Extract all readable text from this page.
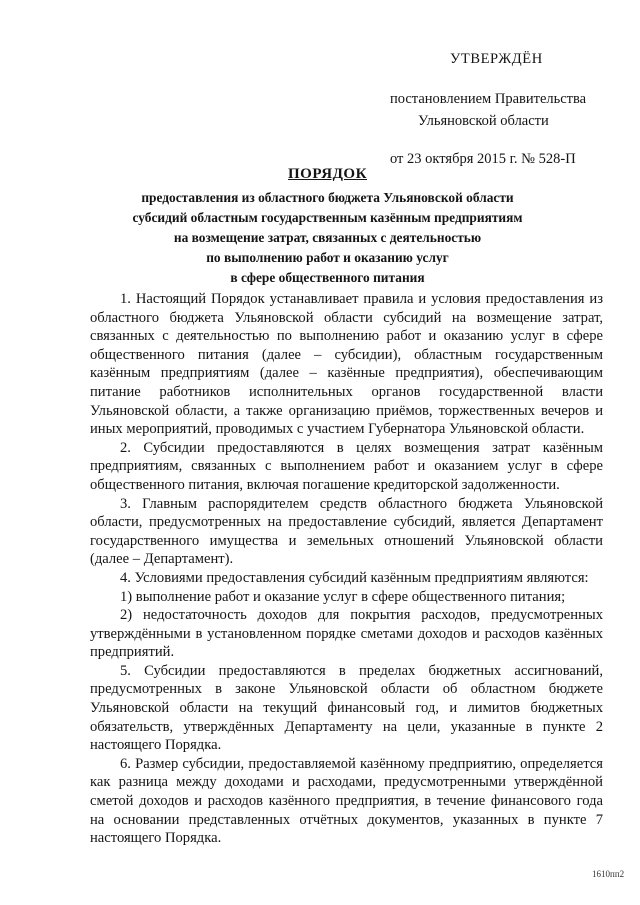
УТВЕРЖДЁН
постановлением Правительства
Ульяновской области
от 23 октября 2015 г. № 528-П
ПОРЯДОК
предоставления из областного бюджета Ульяновской области
субсидий областным государственным казённым предприятиям
на возмещение затрат, связанных с деятельностью
по выполнению работ и оказанию услуг
в сфере общественного питания

1. Настоящий Порядок устанавливает правила и условия предоставления из областного бюджета Ульяновской области субсидий на возмещение затрат, связанных с деятельностью по выполнению работ и оказанию услуг в сфере общественного питания (далее – субсидии), областным государственным казённым предприятиям (далее – казённые предприятия), обеспечивающим питание работников исполнительных органов государственной власти Ульяновской области, а также организацию приёмов, торжественных вечеров и иных мероприятий, проводимых с участием Губернатора Ульяновской области.

2. Субсидии предоставляются в целях возмещения затрат казённым предприятиям, связанных с выполнением работ и оказанием услуг в сфере общественного питания, включая погашение кредиторской задолженности.

3. Главным распорядителем средств областного бюджета Ульяновской области, предусмотренных на предоставление субсидий, является Департамент государственного имущества и земельных отношений Ульяновской области (далее – Департамент).

4. Условиями предоставления субсидий казённым предприятиям являются:

1) выполнение работ и оказание услуг в сфере общественного питания;

2) недостаточность доходов для покрытия расходов, предусмотренных утверждёнными в установленном порядке сметами доходов и расходов казённых предприятий.

5. Субсидии предоставляются в пределах бюджетных ассигнований, предусмотренных в законе Ульяновской области об областном бюджете Ульяновской области на текущий финансовый год, и лимитов бюджетных обязательств, утверждённых Департаменту на цели, указанные в пункте 2 настоящего Порядка.

6. Размер субсидии, предоставляемой казённому предприятию, определяется как разница между доходами и расходами, предусмотренными утверждённой сметой доходов и расходов казённого предприятия, в течение финансового года на основании представленных отчётных документов, указанных в пункте 7 настоящего Порядка.

1610пп2
